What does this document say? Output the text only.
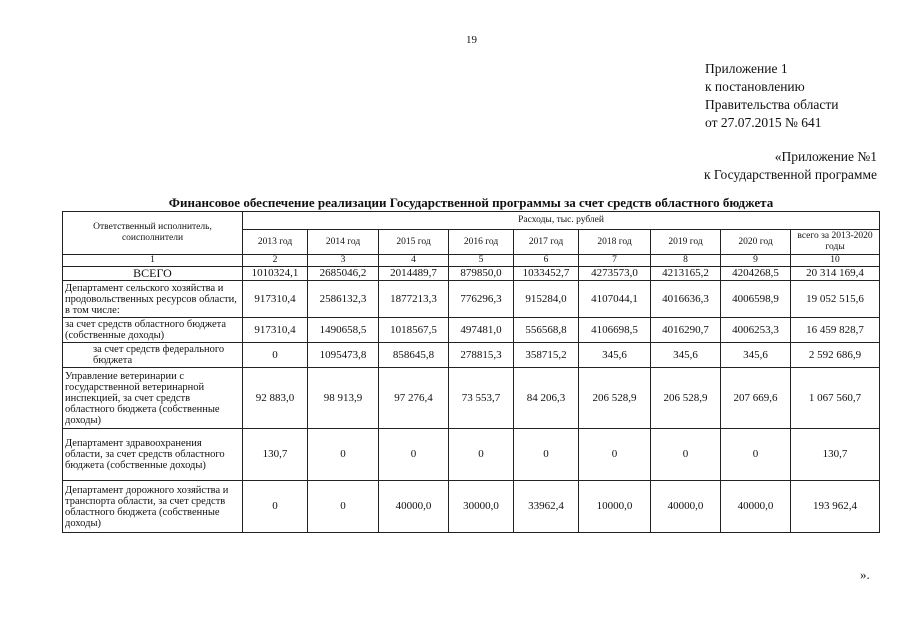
19
Приложение 1
к постановлению
Правительства области
от 27.07.2015 № 641
«Приложение №1
к Государственной программе
Финансовое обеспечение реализации Государственной программы за счет средств областного бюджета
Ответственный исполнитель, соисполнители	Расходы, тыс. рублей								
	2013 год	2014 год	2015 год	2016 год	2017 год	2018 год	2019 год	2020 год	всего за 2013-2020 годы
1	2	3	4	5	6	7	8	9	10
ВСЕГО	1010324,1	2685046,2	2014489,7	879850,0	1033452,7	4273573,0	4213165,2	4204268,5	20 314 169,4
Департамент сельского хозяйства и продовольственных ресурсов области, в том числе:	917310,4	2586132,3	1877213,3	776296,3	915284,0	4107044,1	4016636,3	4006598,9	19 052 515,6
за счет средств областного бюджета (собственные доходы)	917310,4	1490658,5	1018567,5	497481,0	556568,8	4106698,5	4016290,7	4006253,3	16 459 828,7
за счет средств федерального бюджета	0	1095473,8	858645,8	278815,3	358715,2	345,6	345,6	345,6	2 592 686,9
Управление ветеринарии с государственной ветеринарной инспекцией, за счет средств областного бюджета (собственные доходы)	92 883,0	98 913,9	97 276,4	73 553,7	84 206,3	206 528,9	206 528,9	207 669,6	1 067 560,7
Департамент здравоохранения области, за счет средств областного бюджета (собственные доходы)	130,7	0	0	0	0	0	0	0	130,7
Департамент дорожного хозяйства и транспорта области, за счет средств областного бюджета (собственные доходы)	0	0	40000,0	30000,0	33962,4	10000,0	40000,0	40000,0	193 962,4
».
